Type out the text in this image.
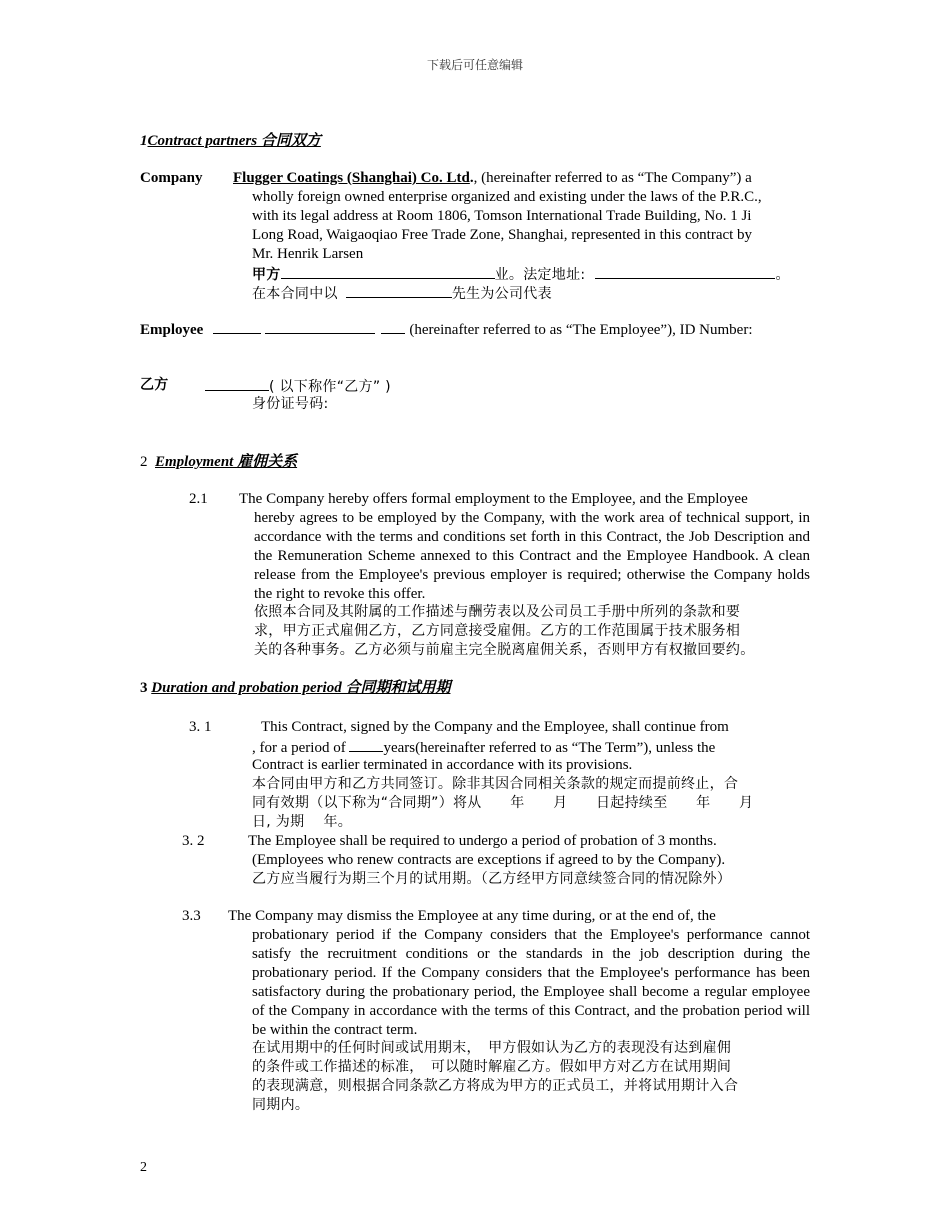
下载后可任意编辑
1Contract partners 合同双方
Company Flugger Coatings (Shanghai) Co. Ltd., (hereinafter referred to as “The Company”) a
wholly foreign owned enterprise organized and existing under the laws of the P.R.C.,
with its legal address at Room 1806, Tomson International Trade Building, No. 1 Ji
Long Road, Waigaoqiao Free Trade Zone, Shanghai, represented in this contract by
Mr. Henrik Larsen
甲方	业。法定地址:	。
在本合同中以	先生为公司代表
Employee	(hereinafter referred to as “The Employee”), ID Number:
乙方	( 以下称作“乙方” )
身份证号码:
2 Employment 雇佣关系
2.1 The Company hereby offers formal employment to the Employee, and the Employee
hereby agrees to be employed by the Company, with the work area of technical support, in accordance with the terms and conditions set forth in this Contract, the Job Description and the Remuneration Scheme annexed to this Contract and the Employee Handbook. A clean release from the Employee's previous employer is required; otherwise the Company holds the right to revoke this offer.
依照本合同及其附属的工作描述与酬劳表以及公司员工手册中所列的条款和要
求，甲方正式雇佣乙方，乙方同意接受雇佣。乙方的工作范围属于技术服务相
关的各种事务。乙方必须与前雇主完全脱离雇佣关系，否则甲方有权撤回要约。
3 Duration and probation period 合同期和试用期
3. 1	This Contract, signed by the Company and the Employee, shall continue from
, for a period of	years(hereinafter referred to as “The Term”), unless the
Contract is earlier terminated in accordance with its provisions.
本合同由甲方和乙方共同签订。除非其因合同相关条款的规定而提前终止，合
同有效期（以下称为“合同期”）将从　　年　　月　　日起持续至　　年　　月
日, 为期　 年。
3. 2	The Employee shall be required to undergo a period of probation of 3 months.
(Employees who renew contracts are exceptions if agreed to by the Company).
乙方应当履行为期三个月的试用期。（乙方经甲方同意续签合同的情况除外）
3.3 The Company may dismiss the Employee at any time during, or at the end of, the
probationary period if the Company considers that the Employee's performance cannot satisfy the recruitment conditions or the standards in the job description during the probationary period. If the Company considers that the Employee's performance has been satisfactory during the probationary period, the Employee shall become a regular employee of the Company in accordance with the terms of this Contract, and the probation period will be within the contract term.
在试用期中的任何时间或试用期末，　甲方假如认为乙方的表现没有达到雇佣
的条件或工作描述的标准，　可以随时解雇乙方。假如甲方对乙方在试用期间
的表现满意，则根据合同条款乙方将成为甲方的正式员工，并将试用期计入合
同期内。
2
